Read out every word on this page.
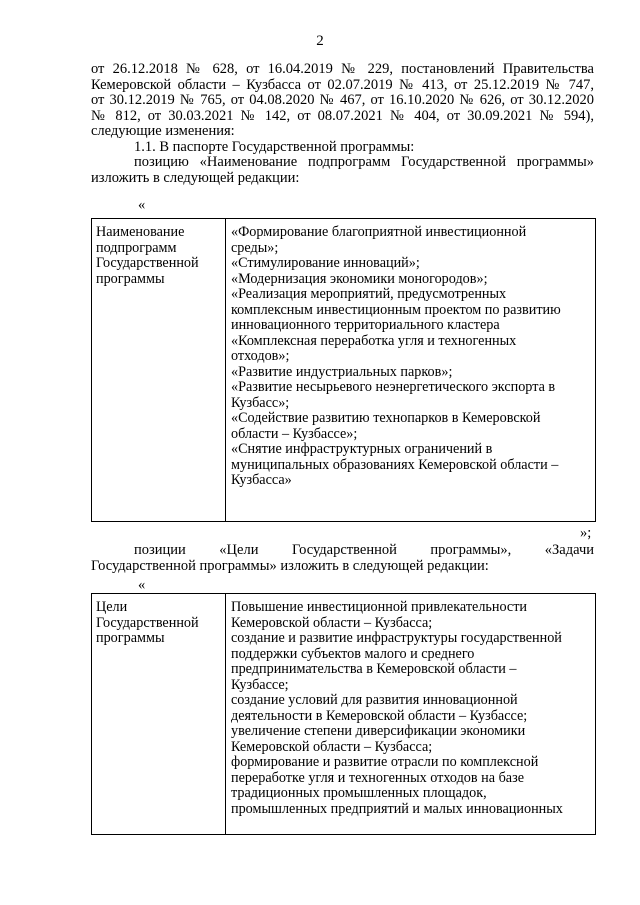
2
от 26.12.2018 № 628, от 16.04.2019 № 229, постановлений Правительства
Кемеровской области – Кузбасса от 02.07.2019 № 413, от 25.12.2019 № 747,
от 30.12.2019 № 765, от 04.08.2020 № 467, от 16.10.2020 № 626, от 30.12.2020
№ 812, от 30.03.2021 № 142, от 08.07.2021 № 404, от 30.09.2021 № 594),
следующие изменения:
1.1. В паспорте Государственной программы:
позицию «Наименование подпрограмм Государственной программы»
изложить в следующей редакции:
«
Наименование
подпрограмм
Государственной
программы

«Формирование благоприятной инвестиционной
среды»;
«Стимулирование инноваций»;
«Модернизация экономики моногородов»;
«Реализация мероприятий, предусмотренных
комплексным инвестиционным проектом по развитию
инновационного территориального кластера
«Комплексная переработка угля и техногенных
отходов»;
«Развитие индустриальных парков»;
«Развитие несырьевого неэнергетического экспорта в
Кузбасс»;
«Содействие развитию технопарков в Кемеровской
области – Кузбассе»;
«Снятие инфраструктурных ограничений в
муниципальных образованиях Кемеровской области –
Кузбасса»
»;
позиции «Цели Государственной программы», «Задачи
Государственной программы» изложить в следующей редакции:
«
Цели
Государственной
программы

Повышение инвестиционной привлекательности
Кемеровской области – Кузбасса;
создание и развитие инфраструктуры государственной
поддержки субъектов малого и среднего
предпринимательства в Кемеровской области –
Кузбассе;
создание условий для развития инновационной
деятельности в Кемеровской области – Кузбассе;
увеличение степени диверсификации экономики
Кемеровской области – Кузбасса;
формирование и развитие отрасли по комплексной
переработке угля и техногенных отходов на базе
традиционных промышленных площадок,
промышленных предприятий и малых инновационных
